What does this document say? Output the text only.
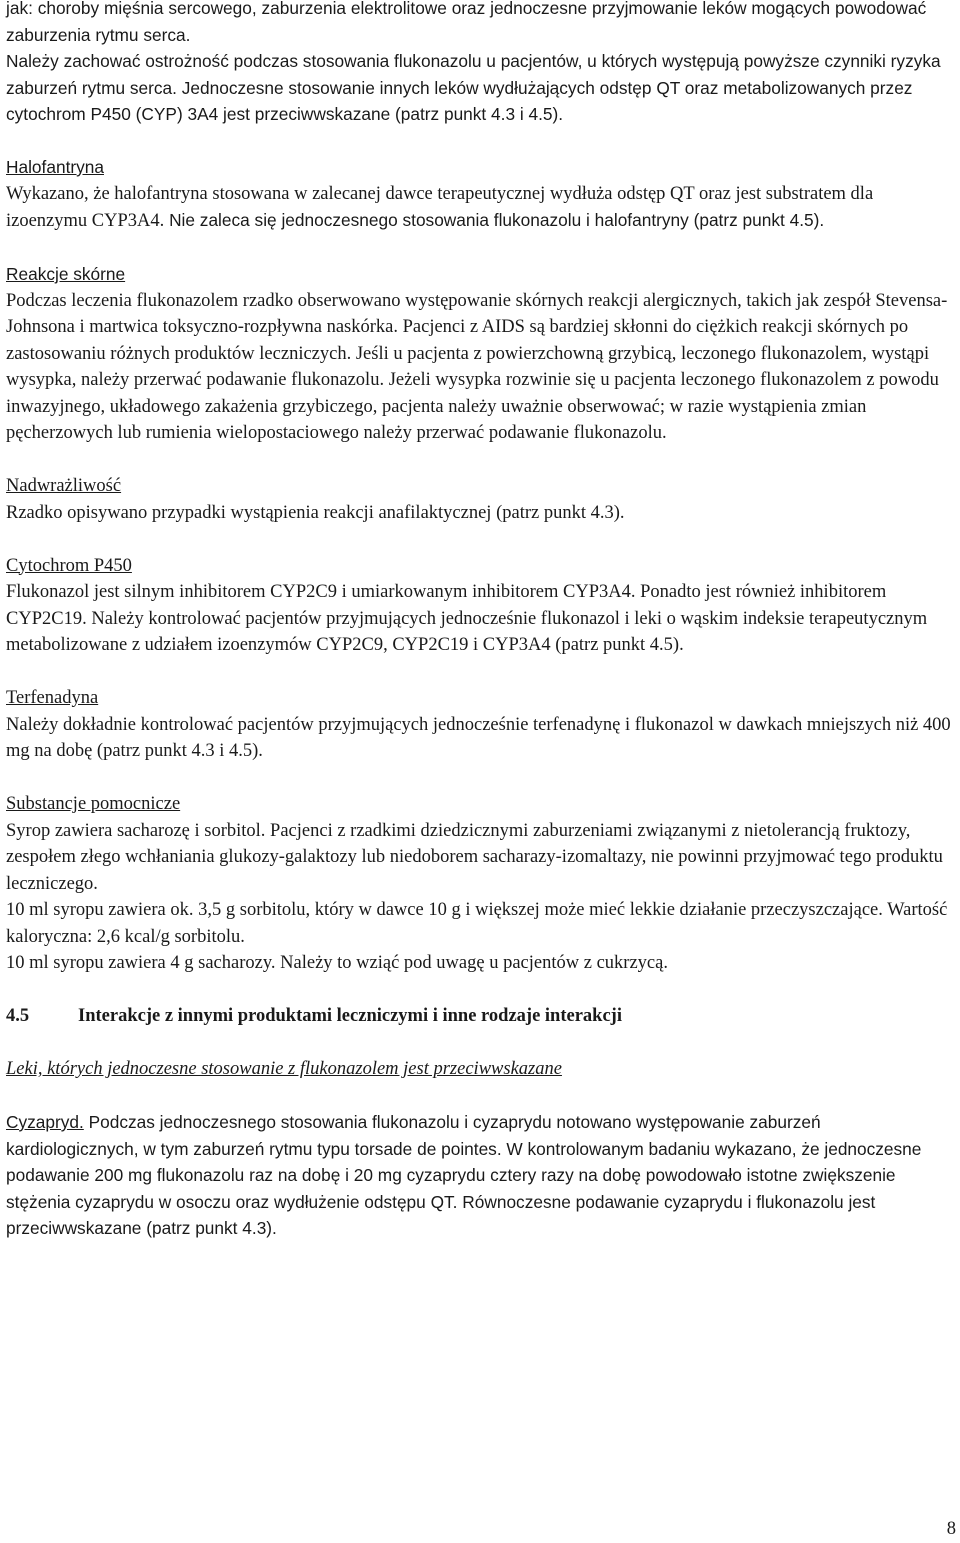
jak: choroby mięśnia sercowego, zaburzenia elektrolitowe oraz jednoczesne przyjmowanie leków mogących powodować zaburzenia rytmu serca.
Należy zachować ostrożność podczas stosowania flukonazolu u pacjentów, u których występują powyższe czynniki ryzyka zaburzeń rytmu serca. Jednoczesne stosowanie innych leków wydłużających odstęp QT oraz metabolizowanych przez cytochrom P450 (CYP) 3A4 jest przeciwwskazane (patrz punkt 4.3 i 4.5).

Halofantryna

Wykazano, że halofantryna stosowana w zalecanej dawce terapeutycznej wydłuża odstęp QT oraz jest substratem dla izoenzymu CYP3A4. Nie zaleca się jednoczesnego stosowania flukonazolu i halofantryny (patrz punkt 4.5).

Reakcje skórne

Podczas leczenia flukonazolem rzadko obserwowano występowanie skórnych reakcji alergicznych, takich jak zespół Stevensa-Johnsona i martwica toksyczno-rozpływna naskórka. Pacjenci z AIDS są bardziej skłonni do ciężkich reakcji skórnych po zastosowaniu różnych produktów leczniczych. Jeśli u pacjenta z powierzchowną grzybicą, leczonego flukonazolem, wystąpi wysypka, należy przerwać podawanie flukonazolu. Jeżeli wysypka rozwinie się u pacjenta leczonego flukonazolem z powodu inwazyjnego, układowego zakażenia grzybiczego, pacjenta należy uważnie obserwować; w razie wystąpienia zmian pęcherzowych lub rumienia wielopostaciowego należy przerwać podawanie flukonazolu.

Nadwrażliwość

Rzadko opisywano przypadki wystąpienia reakcji anafilaktycznej (patrz punkt 4.3).

Cytochrom P450

Flukonazol jest silnym inhibitorem CYP2C9 i umiarkowanym inhibitorem CYP3A4. Ponadto jest również inhibitorem CYP2C19. Należy kontrolować pacjentów przyjmujących jednocześnie flukonazol i leki o wąskim indeksie terapeutycznym metabolizowane z udziałem izoenzymów CYP2C9, CYP2C19 i CYP3A4 (patrz punkt 4.5).

Terfenadyna

Należy dokładnie kontrolować pacjentów przyjmujących jednocześnie terfenadynę i flukonazol w dawkach mniejszych niż 400 mg na dobę (patrz punkt 4.3 i 4.5).

Substancje pomocnicze

Syrop zawiera sacharozę i sorbitol. Pacjenci z rzadkimi dziedzicznymi zaburzeniami związanymi z nietolerancją fruktozy, zespołem złego wchłaniania glukozy-galaktozy lub niedoborem sacharazy-izomaltazy, nie powinni przyjmować tego produktu leczniczego.

10 ml syropu zawiera ok. 3,5 g sorbitolu, który w dawce 10 g i większej może mieć lekkie działanie przeczyszczające. Wartość kaloryczna: 2,6 kcal/g sorbitolu.

10 ml syropu zawiera 4 g sacharozy. Należy to wziąć pod uwagę u pacjentów z cukrzycą.

4.5	Interakcje z innymi produktami leczniczymi i inne rodzaje interakcji

Leki, których jednoczesne stosowanie z flukonazolem jest przeciwwskazane

Cyzapryd. Podczas jednoczesnego stosowania flukonazolu i cyzaprydu notowano występowanie zaburzeń kardiologicznych, w tym zaburzeń rytmu typu torsade de pointes. W kontrolowanym badaniu wykazano, że jednoczesne podawanie 200 mg flukonazolu raz na dobę i 20 mg cyzaprydu cztery razy na dobę powodowało istotne zwiększenie stężenia cyzaprydu w osoczu oraz wydłużenie odstępu QT. Równoczesne podawanie cyzaprydu i flukonazolu jest przeciwwskazane (patrz punkt 4.3).

8
